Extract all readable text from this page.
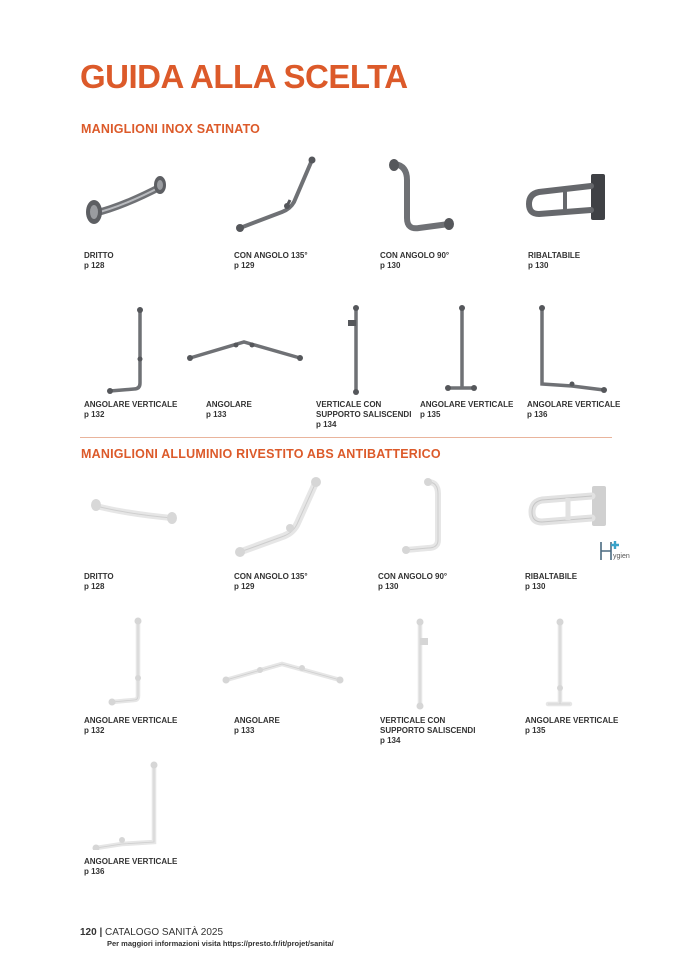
GUIDA ALLA SCELTA
MANIGLIONI INOX SATINATO
DRITTO
p 128
CON ANGOLO 135°
p 129
CON ANGOLO 90°
p 130
RIBALTABILE
p 130
ANGOLARE VERTICALE
p 132
ANGOLARE
p 133
VERTICALE CON
SUPPORTO SALISCENDI
p 134
ANGOLARE VERTICALE
p 135
ANGOLARE VERTICALE
p 136
MANIGLIONI ALLUMINIO RIVESTITO ABS ANTIBATTERICO
DRITTO
p 128
CON ANGOLO 135°
p 129
CON ANGOLO 90°
p 130
RIBALTABILE
p 130
ygien
ANGOLARE VERTICALE
p 132
ANGOLARE
p 133
VERTICALE CON
SUPPORTO SALISCENDI
p 134
ANGOLARE VERTICALE
p 135
ANGOLARE VERTICALE
p 136
120 | CATALOGO SANITÀ 2025
Per maggiori informazioni visita https://presto.fr/it/projet/sanita/
